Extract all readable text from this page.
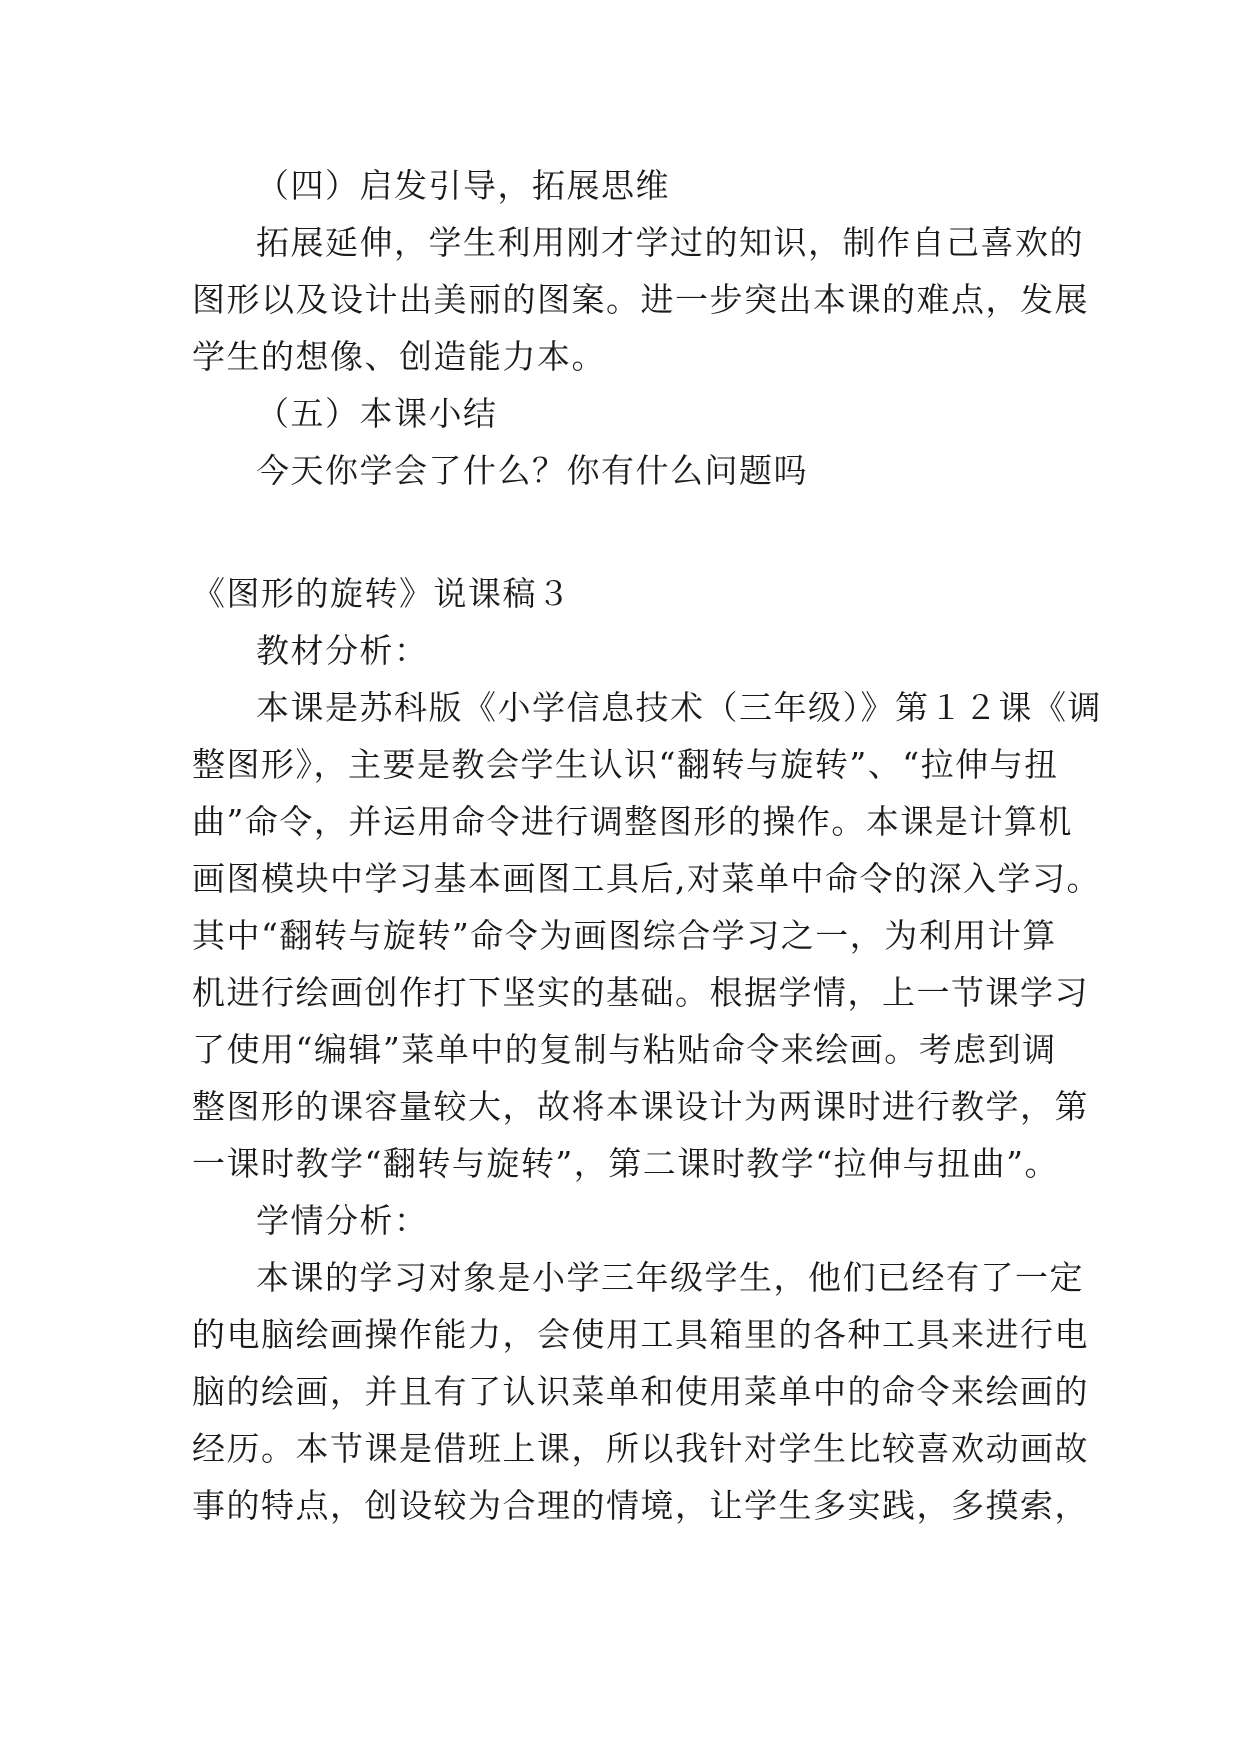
（四）启发引导，拓展思维
拓展延伸，学生利用刚才学过的知识，制作自己喜欢的
图形以及设计出美丽的图案。进一步突出本课的难点，发展
学生的想像、创造能力本。
（五）本课小结
今天你学会了什么？你有什么问题吗
《图形的旋转》说课稿３
教材分析：
本课是苏科版《小学信息技术（三年级）》第１２课《调
整图形》，主要是教会学生认识“翻转与旋转”、“拉伸与扭
曲”命令，并运用命令进行调整图形的操作。本课是计算机
画图模块中学习基本画图工具后,对菜单中命令的深入学习。
其中“翻转与旋转”命令为画图综合学习之一，为利用计算
机进行绘画创作打下坚实的基础。根据学情，上一节课学习
了使用“编辑”菜单中的复制与粘贴命令来绘画。考虑到调
整图形的课容量较大，故将本课设计为两课时进行教学，第
一课时教学“翻转与旋转”，第二课时教学“拉伸与扭曲”。
学情分析：
本课的学习对象是小学三年级学生，他们已经有了一定
的电脑绘画操作能力，会使用工具箱里的各种工具来进行电
脑的绘画，并且有了认识菜单和使用菜单中的命令来绘画的
经历。本节课是借班上课，所以我针对学生比较喜欢动画故
事的特点，创设较为合理的情境，让学生多实践，多摸索，
